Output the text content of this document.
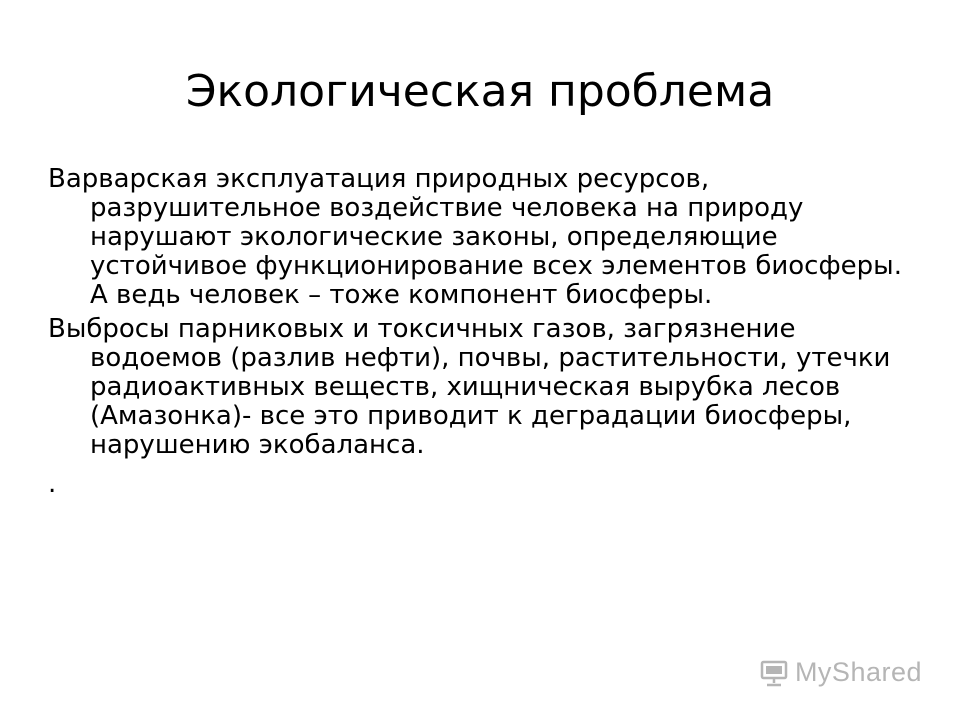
Экологическая проблема

Варварская эксплуатация природных ресурсов, разрушительное воздействие человека на природу нарушают экологические законы, определяющие устойчивое функционирование всех элементов биосферы. А ведь человек – тоже компонент биосферы.

Выбросы парниковых и токсичных газов, загрязнение водоемов (разлив нефти), почвы, растительности, утечки радиоактивных веществ, хищническая вырубка лесов (Амазонка)- все это приводит к деградации биосферы, нарушению экобаланса.

.

MyShared
